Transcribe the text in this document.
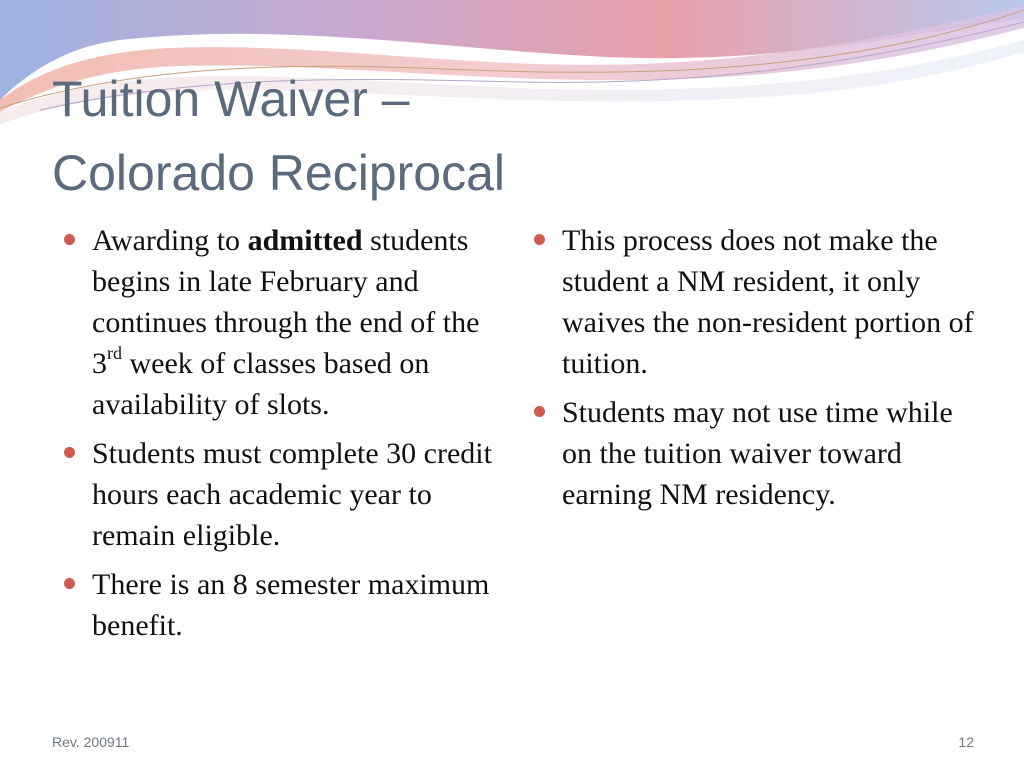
Tuition Waiver –
Colorado Reciprocal
Awarding to admitted students begins in late February and continues through the end of the 3rd week of classes based on availability of slots.
Students must complete 30 credit hours each academic year to remain eligible.
There is an 8 semester maximum benefit.
This process does not make the student a NM resident, it only waives the non-resident portion of tuition.
Students may not use time while on the tuition waiver toward earning NM residency.
Rev. 200911	12
